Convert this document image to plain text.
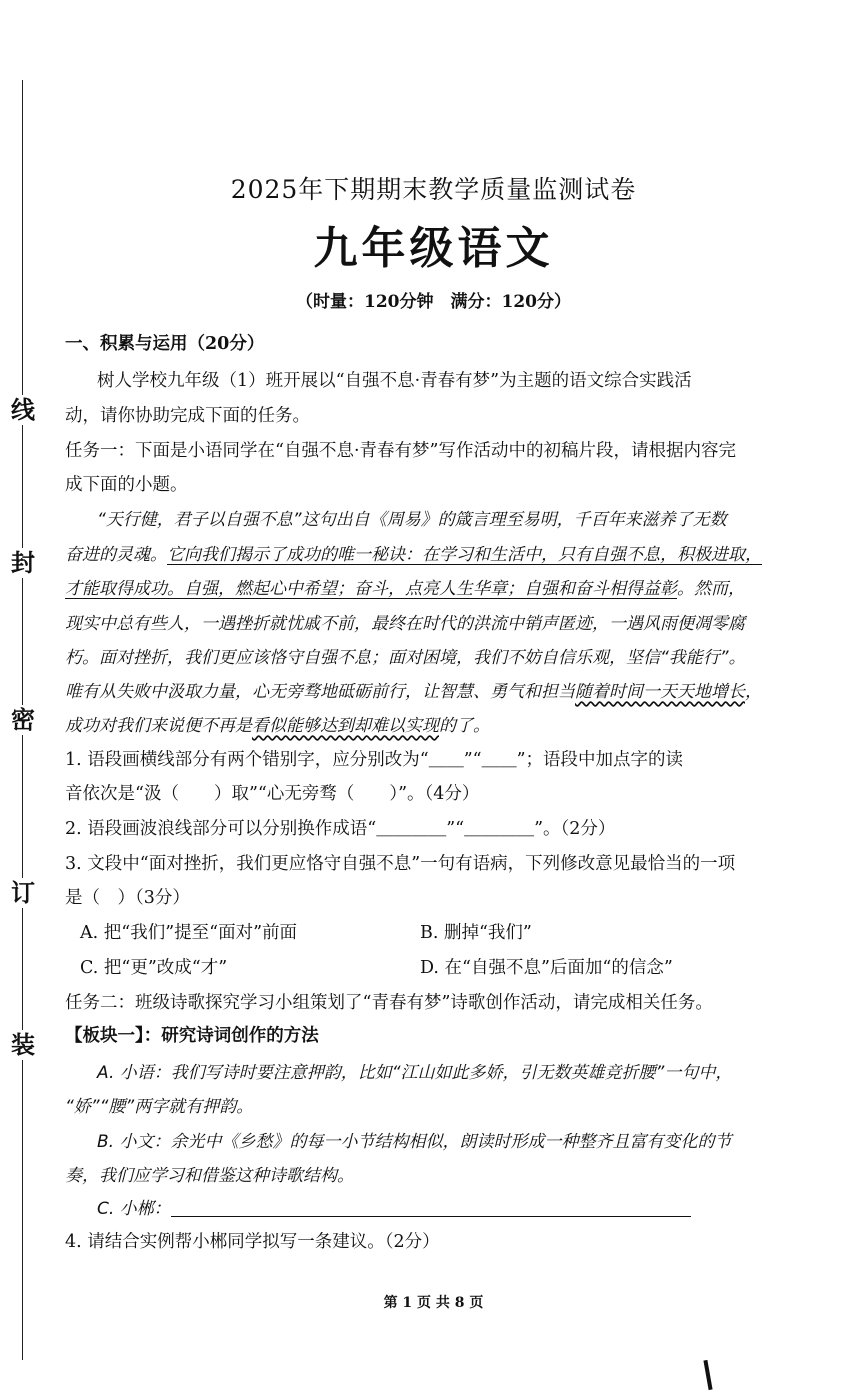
线
封
密
订
装
2025年下期期末教学质量监测试卷
九年级语文
（时量：120分钟　满分：120分）
一、积累与运用（20分）
树人学校九年级（1）班开展以“自强不息·青春有梦”为主题的语文综合实践活
动，请你协助完成下面的任务。
任务一：下面是小语同学在“自强不息·青春有梦”写作活动中的初稿片段，请根据内容完
成下面的小题。
“天行健，君子以自强不息”这句出自《周易》的箴言理至易明，千百年来滋养了无数
奋进的灵魂。它向我们揭示了成功的唯一秘诀：在学习和生活中，只有自强不息，积极进取，
才能取得成功。自强，燃起心中希望；奋斗，点亮人生华章；自强和奋斗相得益彰。然而，
现实中总有些人，一遇挫折就忧戚不前，最终在时代的洪流中销声匿迹，一遇风雨便凋零腐
朽。面对挫折，我们更应该恪守自强不息；面对困境，我们不妨自信乐观，坚信“我能行”。
唯有从失败中汲取力量，心无旁骛地砥砺前行，让智慧、勇气和担当随着时间一天天地增长，
成功对我们来说便不再是看似能够达到却难以实现的了。
1. 语段画横线部分有两个错别字，应分别改为“＿＿”“＿＿”；语段中加点字的读
音依次是“汲（　　）取”“心无旁骛（　　）”。（4分）
2. 语段画波浪线部分可以分别换作成语“＿＿＿＿”“＿＿＿＿”。（2分）
3. 文段中“面对挫折，我们更应恪守自强不息”一句有语病，下列修改意见最恰当的一项
是（　）（3分）
A. 把“我们”提至“面对”前面	B. 删掉“我们”
C. 把“更”改成“才”	D. 在“自强不息”后面加“的信念”
任务二：班级诗歌探究学习小组策划了“青春有梦”诗歌创作活动，请完成相关任务。
【板块一】：研究诗词创作的方法
A. 小语：我们写诗时要注意押韵，比如“江山如此多娇，引无数英雄竞折腰”一句中，
“娇”“腰”两字就有押韵。
B. 小文：余光中《乡愁》的每一小节结构相似，朗读时形成一种整齐且富有变化的节
奏，我们应学习和借鉴这种诗歌结构。
C. 小郴：
4. 请结合实例帮小郴同学拟写一条建议。（2分）
第 1 页 共 8 页
